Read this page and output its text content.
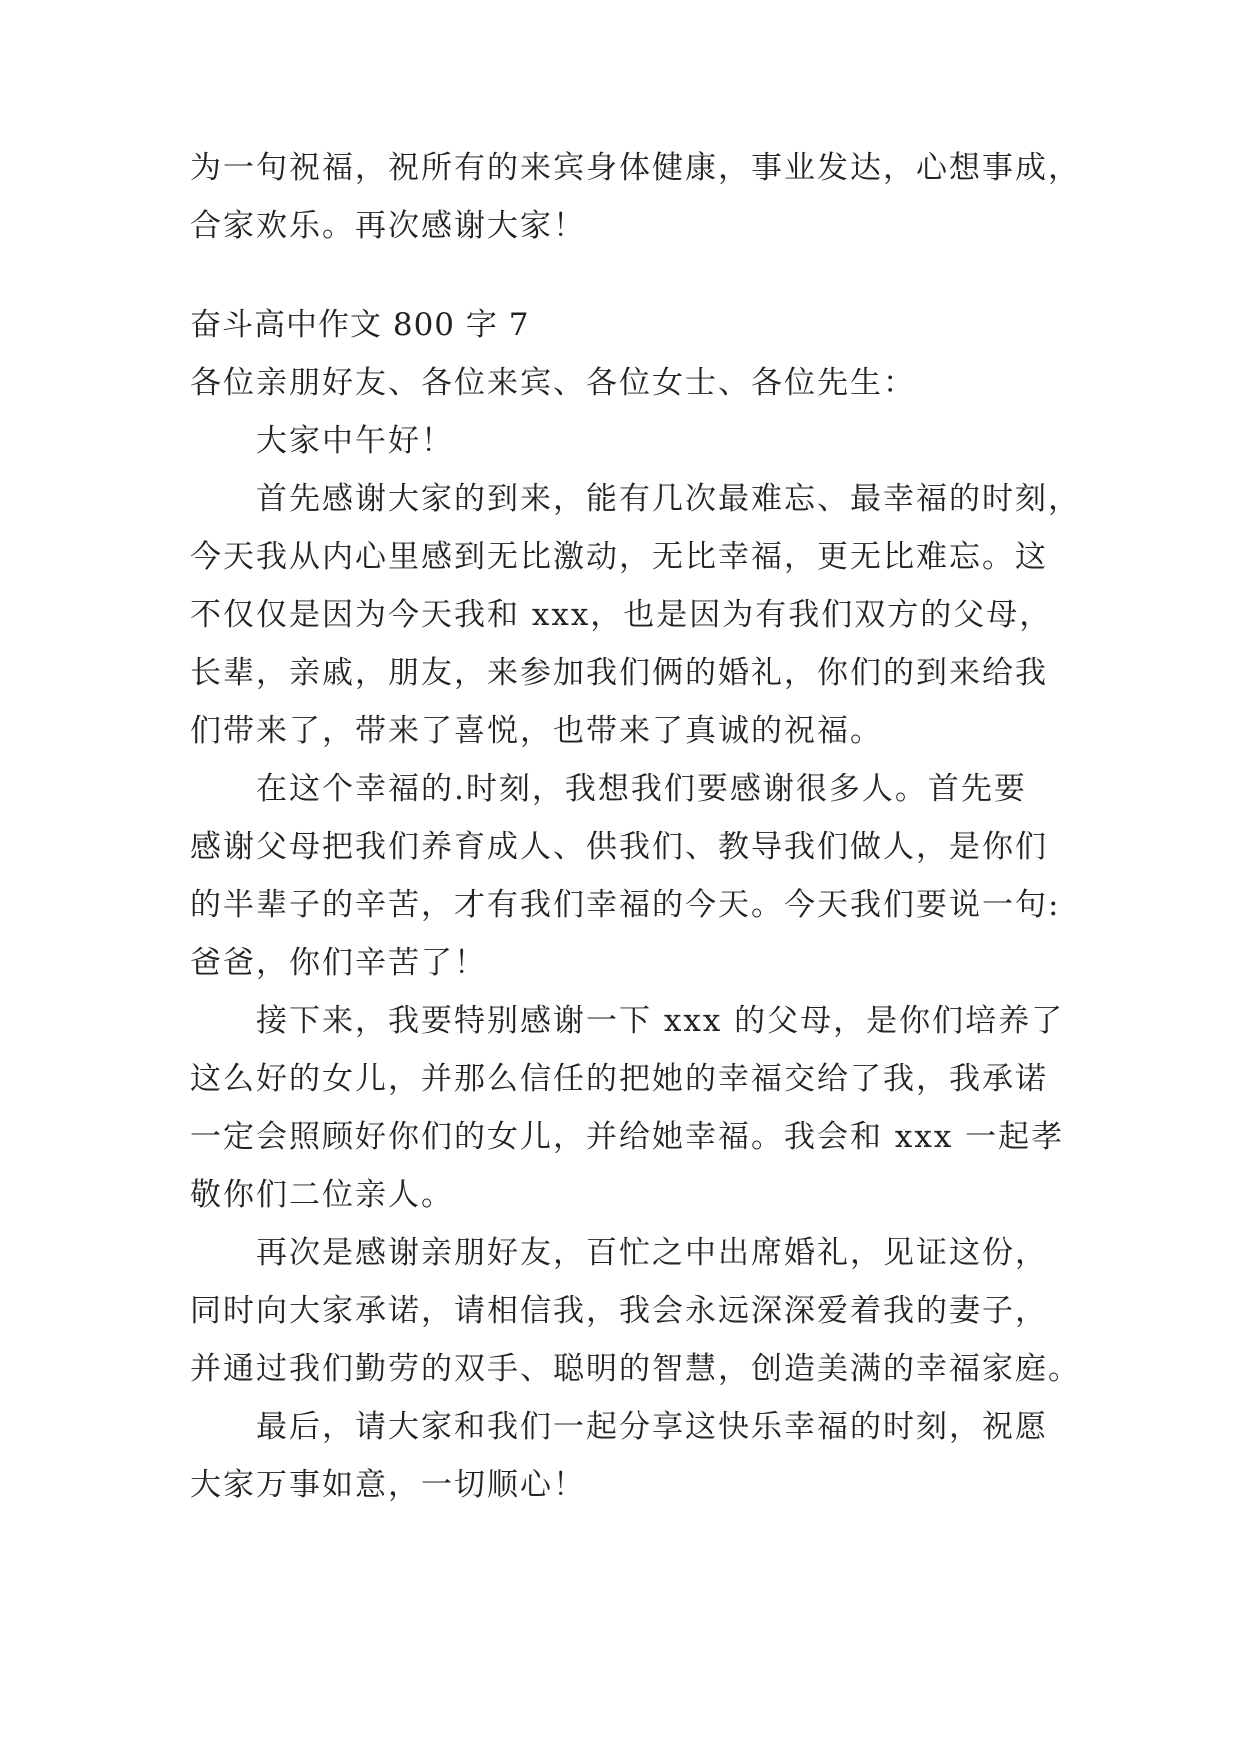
为一句祝福，祝所有的来宾身体健康，事业发达，心想事成，
合家欢乐。再次感谢大家！
奋斗高中作文 800 字 7
各位亲朋好友、各位来宾、各位女士、各位先生：
大家中午好！
首先感谢大家的到来，能有几次最难忘、最幸福的时刻，
今天我从内心里感到无比激动，无比幸福，更无比难忘。这
不仅仅是因为今天我和 xxx，也是因为有我们双方的父母，
长辈，亲戚，朋友，来参加我们俩的婚礼，你们的到来给我
们带来了，带来了喜悦，也带来了真诚的祝福。
在这个幸福的.时刻，我想我们要感谢很多人。首先要
感谢父母把我们养育成人、供我们、教导我们做人，是你们
的半辈子的辛苦，才有我们幸福的今天。今天我们要说一句:
爸爸，你们辛苦了！
接下来，我要特别感谢一下 xxx 的父母，是你们培养了
这么好的女儿，并那么信任的把她的幸福交给了我，我承诺
一定会照顾好你们的女儿，并给她幸福。我会和 xxx 一起孝
敬你们二位亲人。
再次是感谢亲朋好友，百忙之中出席婚礼，见证这份，
同时向大家承诺，请相信我，我会永远深深爱着我的妻子，
并通过我们勤劳的双手、聪明的智慧，创造美满的幸福家庭。
最后，请大家和我们一起分享这快乐幸福的时刻，祝愿
大家万事如意，一切顺心！
